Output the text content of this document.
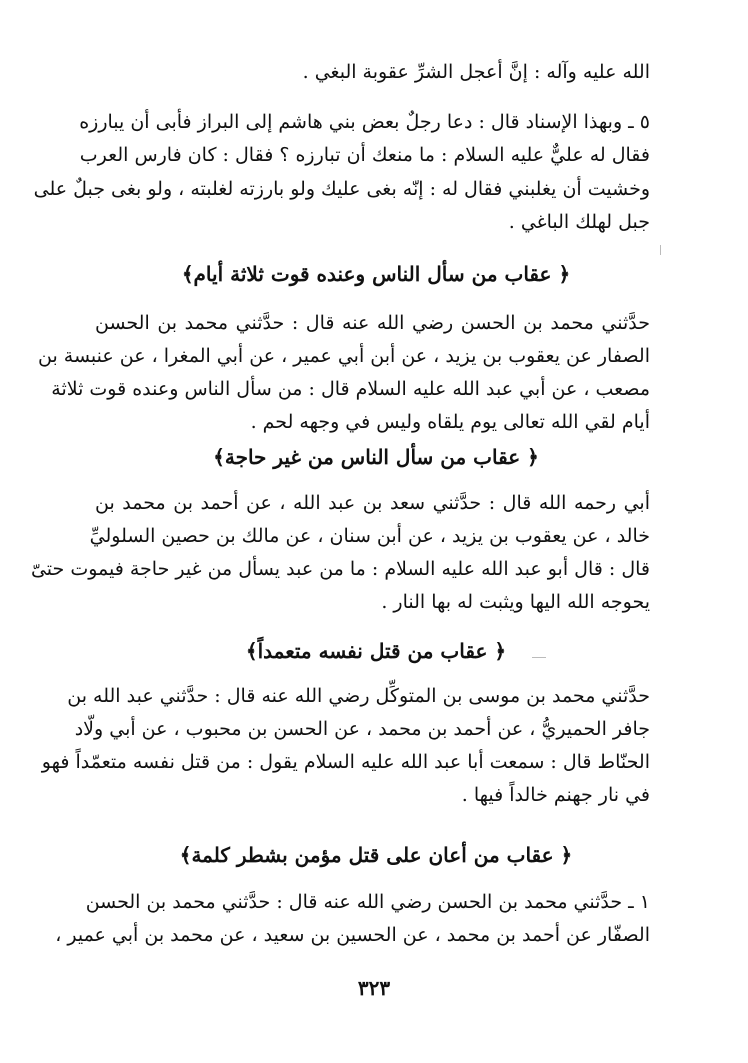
الله عليه وآله : إنَّ أعجل الشرِّ عقوبة البغي .
٥ ـ وبهذا الإسناد قال : دعا رجلٌ بعض بني هاشم إلى البراز فأبى أن يبارزه
فقال له عليٌّ عليه السلام : ما منعك أن تبارزه ؟ فقال : كان فارس العرب
وخشيت أن يغلبني فقال له : إنّه بغى عليك ولو بارزته لغلبته ، ولو بغى جبلٌ على
جبل لهلك الباغي .
﴿ عقاب من سأل الناس وعنده قوت ثلاثة أيام﴾
حدَّثني محمد بن الحسن رضي الله عنه قال : حدَّثني محمد بن الحسن
الصفار عن يعقوب بن يزيد ، عن أبن أبي عمير ، عن أبي المغرا ، عن عنبسة بن
مصعب ، عن أبي عبد الله عليه السلام قال : من سأل الناس وعنده قوت ثلاثة
أيام لقي الله تعالى يوم يلقاه وليس في وجهه لحم .
﴿ عقاب من سأل الناس من غير حاجة﴾
أبي رحمه الله قال : حدَّثني سعد بن عبد الله ، عن أحمد بن محمد بن
خالد ، عن يعقوب بن يزيد ، عن أبن سنان ، عن مالك بن حصين السلوليِّ
قال : قال أبو عبد الله عليه السلام : ما من عبد يسأل من غير حاجة فيموت حتىّ
يحوجه الله اليها ويثبت له بها النار .
﴿ عقاب من قتل نفسه متعمداً﴾
حدَّثني محمد بن موسى بن المتوكِّل رضي الله عنه قال : حدَّثني عبد الله بن
جافر الحميريُّ ، عن أحمد بن محمد ، عن الحسن بن محبوب ، عن أبي ولّاد
الحنّاط قال : سمعت أبا عبد الله عليه السلام يقول : من قتل نفسه متعمّداً فهو
في نار جهنم خالداً فيها .
﴿ عقاب من أعان على قتل مؤمن بشطر كلمة﴾
١ ـ حدَّثني محمد بن الحسن رضي الله عنه قال : حدَّثني محمد بن الحسن
الصفّار عن أحمد بن محمد ، عن الحسين بن سعيد ، عن محمد بن أبي عمير ،
٣٢٣
